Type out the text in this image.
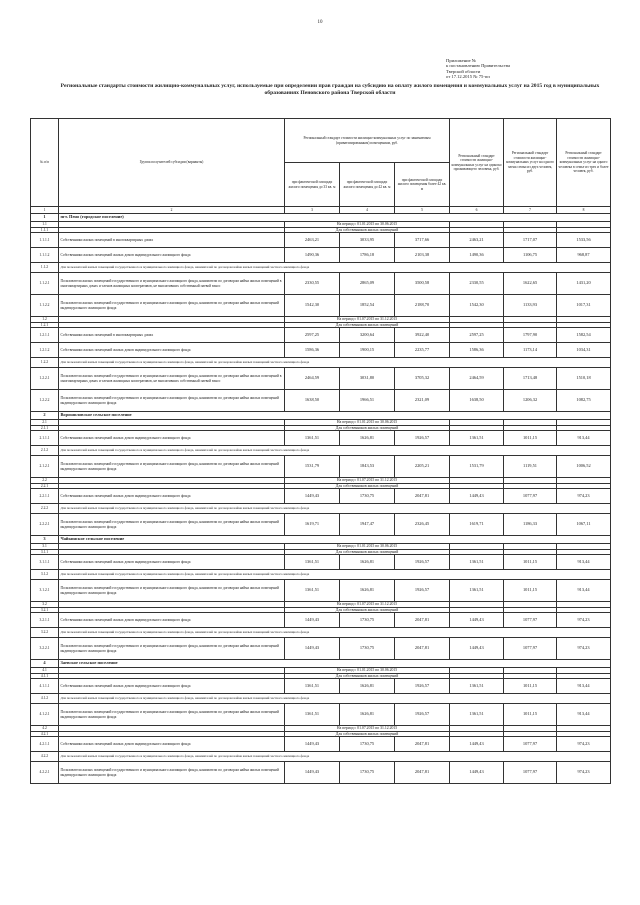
10
Приложение №
к постановлению Правительства
Тверской области
от 17.12.2015 № 75-пп
Региональные стандарты стоимости жилищно-коммунальных услуг, используемые при определении прав граждан на субсидию на оплату жилого помещения и коммунальных услуг на 2015 год в муниципальных образованиях Пеновского района Тверской области
№ п/п	Группа получателей субсидии (варианты)	Региональный стандарт стоимости жилищно-коммунальных услуг по занимаемым (приватизированным) помещениям, руб.			Региональный стандарт стоимости жилищно-коммунальных услуг на одиноко проживающего человека, руб.	Региональный стандарт стоимости жилищно-коммунальных услуг на одного члена семьи из двух человек, руб.	Региональный стандарт стоимости жилищно-коммунальных услуг на одного человека в семье из трех и более человек, руб.
		при фактической площади жилого помещения до 33 кв. м	при фактической площади жилого помещения до 42 кв. м	при фактической площади жилого помещения более 42 кв. м			
1	2	3	4	5	6	7	8
1	пгт. Пено (городское поселение)						
1.1		На период с 01.01.2015 по 30.06.2015					
1.1.1		Для собственников жилых помещений					
1.1.1.1	Собственники жилых помещений в многоквартирных домах	2463,21	3033,95	3717,66	2463,21	1717,07	1533,56
1.1.1.2	Собственники жилых помещений жилых домов индивидуального жилищного фонда	1490,36	1786,18	2103,38	1490,36	1106,75	968,87
1.1.2	Для пользователей жилых помещений государственного и муниципального жилищного фонда, нанимателей по договорам найма жилых помещений частного жилищного фонда						
1.1.2.1	Пользователи жилых помещений государственного и муниципального жилищного фонда, наниматели по договорам найма жилых помещений в многоквартирных домах и членов жилищных кооперативов, не выплативших собственный паевой взнос	2330,55	2865,09	3500,58	2330,55	1622,65	1431,20
1.1.2.2	Пользователи жилых помещений государственного и муниципального жилищного фонда, наниматели по договорам найма жилых помещений индивидуального жилищного фонда	1542,30	1852,54	2188,70	1542,30	1133,93	1017,31
1.2		На период с 01.07.2015 по 31.12.2015					
1.2.1		Для собственников жилых помещений					
1.2.1.1	Собственники жилых помещений в многоквартирных домах	2597,25	3200,64	3922,40	2597,25	1797,90	1582,54
1.2.1.2	Собственники жилых помещений жилых домов индивидуального жилищного фонда	1586,36	1900,15	2235,77	1586,36	1173,14	1034,31
1.2.2	Для пользователей жилых помещений государственного и муниципального жилищного фонда, нанимателей по договорам найма жилых помещений частного жилищного фонда						
1.2.2.1	Пользователи жилых помещений государственного и муниципального жилищного фонда, наниматели по договорам найма жилых помещений в многоквартирных домах и членов жилищных кооперативов, не выплативших собственный паевой взнос	2464,59	3031,80	3705,32	2464,59	1713,48	1510,18
1.2.2.2	Пользователи жилых помещений государственного и муниципального жилищного фонда, наниматели по договорам найма жилых помещений индивидуального жилищного фонда	1638,50	1966,51	2321,09	1638,50	1206,32	1082,75
2	Ворошиловское сельское поселение						
2.1		На период с 01.01.2015 по 30.06.2015					
2.1.1		Для собственников жилых помещений					
2.1.1.1	Собственники жилых помещений жилых домов индивидуального жилищного фонда	1361,51	1626,81	1926,57	1361,51	1011,15	913,44
2.1.2	Для пользователей жилых помещений государственного и муниципального жилищного фонда, нанимателей по договорам найма жилых помещений частного жилищного фонда						
2.1.2.1	Пользователи жилых помещений государственного и муниципального жилищного фонда, наниматели по договорам найма жилых помещений индивидуального жилищного фонда	1531,79	1843,53	2205,21	1531,79	1119,51	1006,52
2.2		На период с 01.07.2015 по 31.12.2015					
2.2.1		Для собственников жилых помещений					
2.2.1.1	Собственники жилых помещений жилых домов индивидуального жилищного фонда	1449,43	1730,75	2047,81	1449,43	1077,97	974,23
2.2.2	Для пользователей жилых помещений государственного и муниципального жилищного фонда, нанимателей по договорам найма жилых помещений частного жилищного фонда						
2.2.2.1	Пользователи жилых помещений государственного и муниципального жилищного фонда, наниматели по договорам найма жилых помещений индивидуального жилищного фонда	1619,71	1947,47	2326,45	1619,71	1186,33	1067,11
3	Чайкинское сельское поселение						
3.1		На период с 01.01.2015 по 30.06.2015					
3.1.1		Для собственников жилых помещений					
3.1.1.1	Собственники жилых помещений жилых домов индивидуального жилищного фонда	1361,51	1626,81	1926,57	1361,51	1011,15	913,44
3.1.2	Для пользователей жилых помещений государственного и муниципального жилищного фонда, нанимателей по договорам найма жилых помещений частного жилищного фонда						
3.1.2.1	Пользователи жилых помещений государственного и муниципального жилищного фонда, наниматели по договорам найма жилых помещений индивидуального жилищного фонда	1361,51	1626,81	1926,57	1361,51	1011,15	913,44
3.2		На период с 01.07.2015 по 31.12.2015					
3.2.1		Для собственников жилых помещений					
3.2.1.1	Собственники жилых помещений жилых домов индивидуального жилищного фонда	1449,43	1730,75	2047,81	1449,43	1077,97	974,23
3.2.2	Для пользователей жилых помещений государственного и муниципального жилищного фонда, нанимателей по договорам найма жилых помещений частного жилищного фонда						
3.2.2.1	Пользователи жилых помещений государственного и муниципального жилищного фонда, наниматели по договорам найма жилых помещений индивидуального жилищного фонда	1449,43	1730,75	2047,81	1449,43	1077,97	974,23
4	Заевское сельское поселение						
4.1		На период с 01.01.2015 по 30.06.2015					
4.1.1		Для собственников жилых помещений					
4.1.1.1	Собственники жилых помещений жилых домов индивидуального жилищного фонда	1361,51	1626,81	1926,57	1361,51	1011,15	913,44
4.1.2	Для пользователей жилых помещений государственного и муниципального жилищного фонда, нанимателей по договорам найма жилых помещений частного жилищного фонда						
4.1.2.1	Пользователи жилых помещений государственного и муниципального жилищного фонда, наниматели по договорам найма жилых помещений индивидуального жилищного фонда	1361,51	1626,81	1926,57	1361,51	1011,15	913,44
4.2		На период с 01.07.2015 по 31.12.2015					
4.2.1		Для собственников жилых помещений					
4.2.1.1	Собственники жилых помещений жилых домов индивидуального жилищного фонда	1449,43	1730,75	2047,81	1449,43	1077,97	974,23
4.2.2	Для пользователей жилых помещений государственного и муниципального жилищного фонда, нанимателей по договорам найма жилых помещений частного жилищного фонда						
4.2.2.1	Пользователи жилых помещений государственного и муниципального жилищного фонда, наниматели по договорам найма жилых помещений индивидуального жилищного фонда	1449,43	1730,75	2047,81	1449,43	1077,97	974,23
